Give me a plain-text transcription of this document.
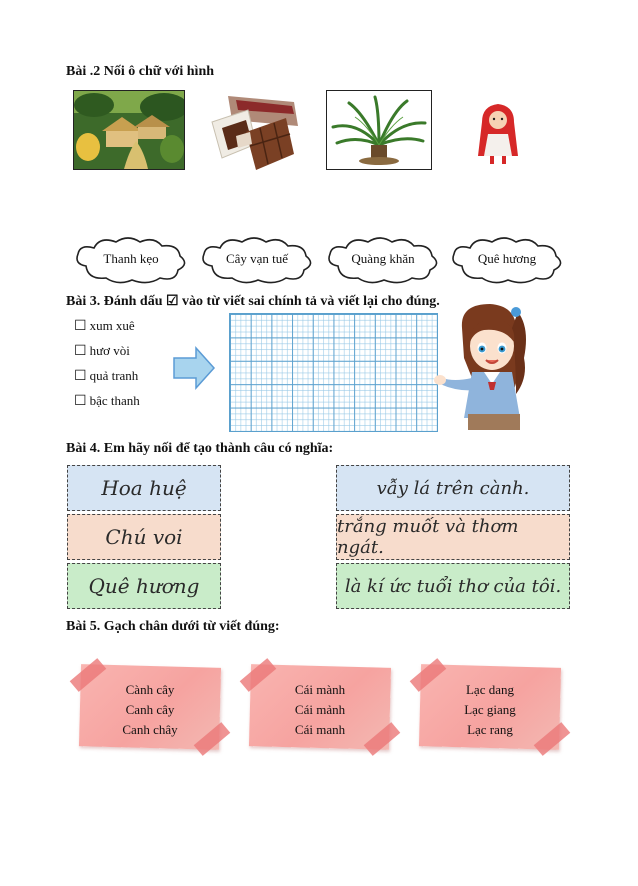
Bài .2 Nối ô chữ với hình
Thanh kẹo	Cây vạn tuế	Quàng khăn	Quê hương
Bài 3. Đánh dấu ☑ vào từ viết sai chính tả và viết lại cho đúng.
☐ xum xuê
☐ hươ vòi
☐ quả tranh
☐ bậc thanh
Bài 4. Em hãy nối để tạo thành câu có nghĩa:
Hoa huệ
Chú voi
Quê hương
vẫy lá trên cành.
trắng muốt và thơm ngát.
là kí ức tuổi thơ của tôi.
Bài 5. Gạch chân dưới từ viết đúng:
Cành cây
Canh cây
Canh chây
Cái mành
Cái mảnh
Cái manh
Lạc dang
Lạc giang
Lạc rang
